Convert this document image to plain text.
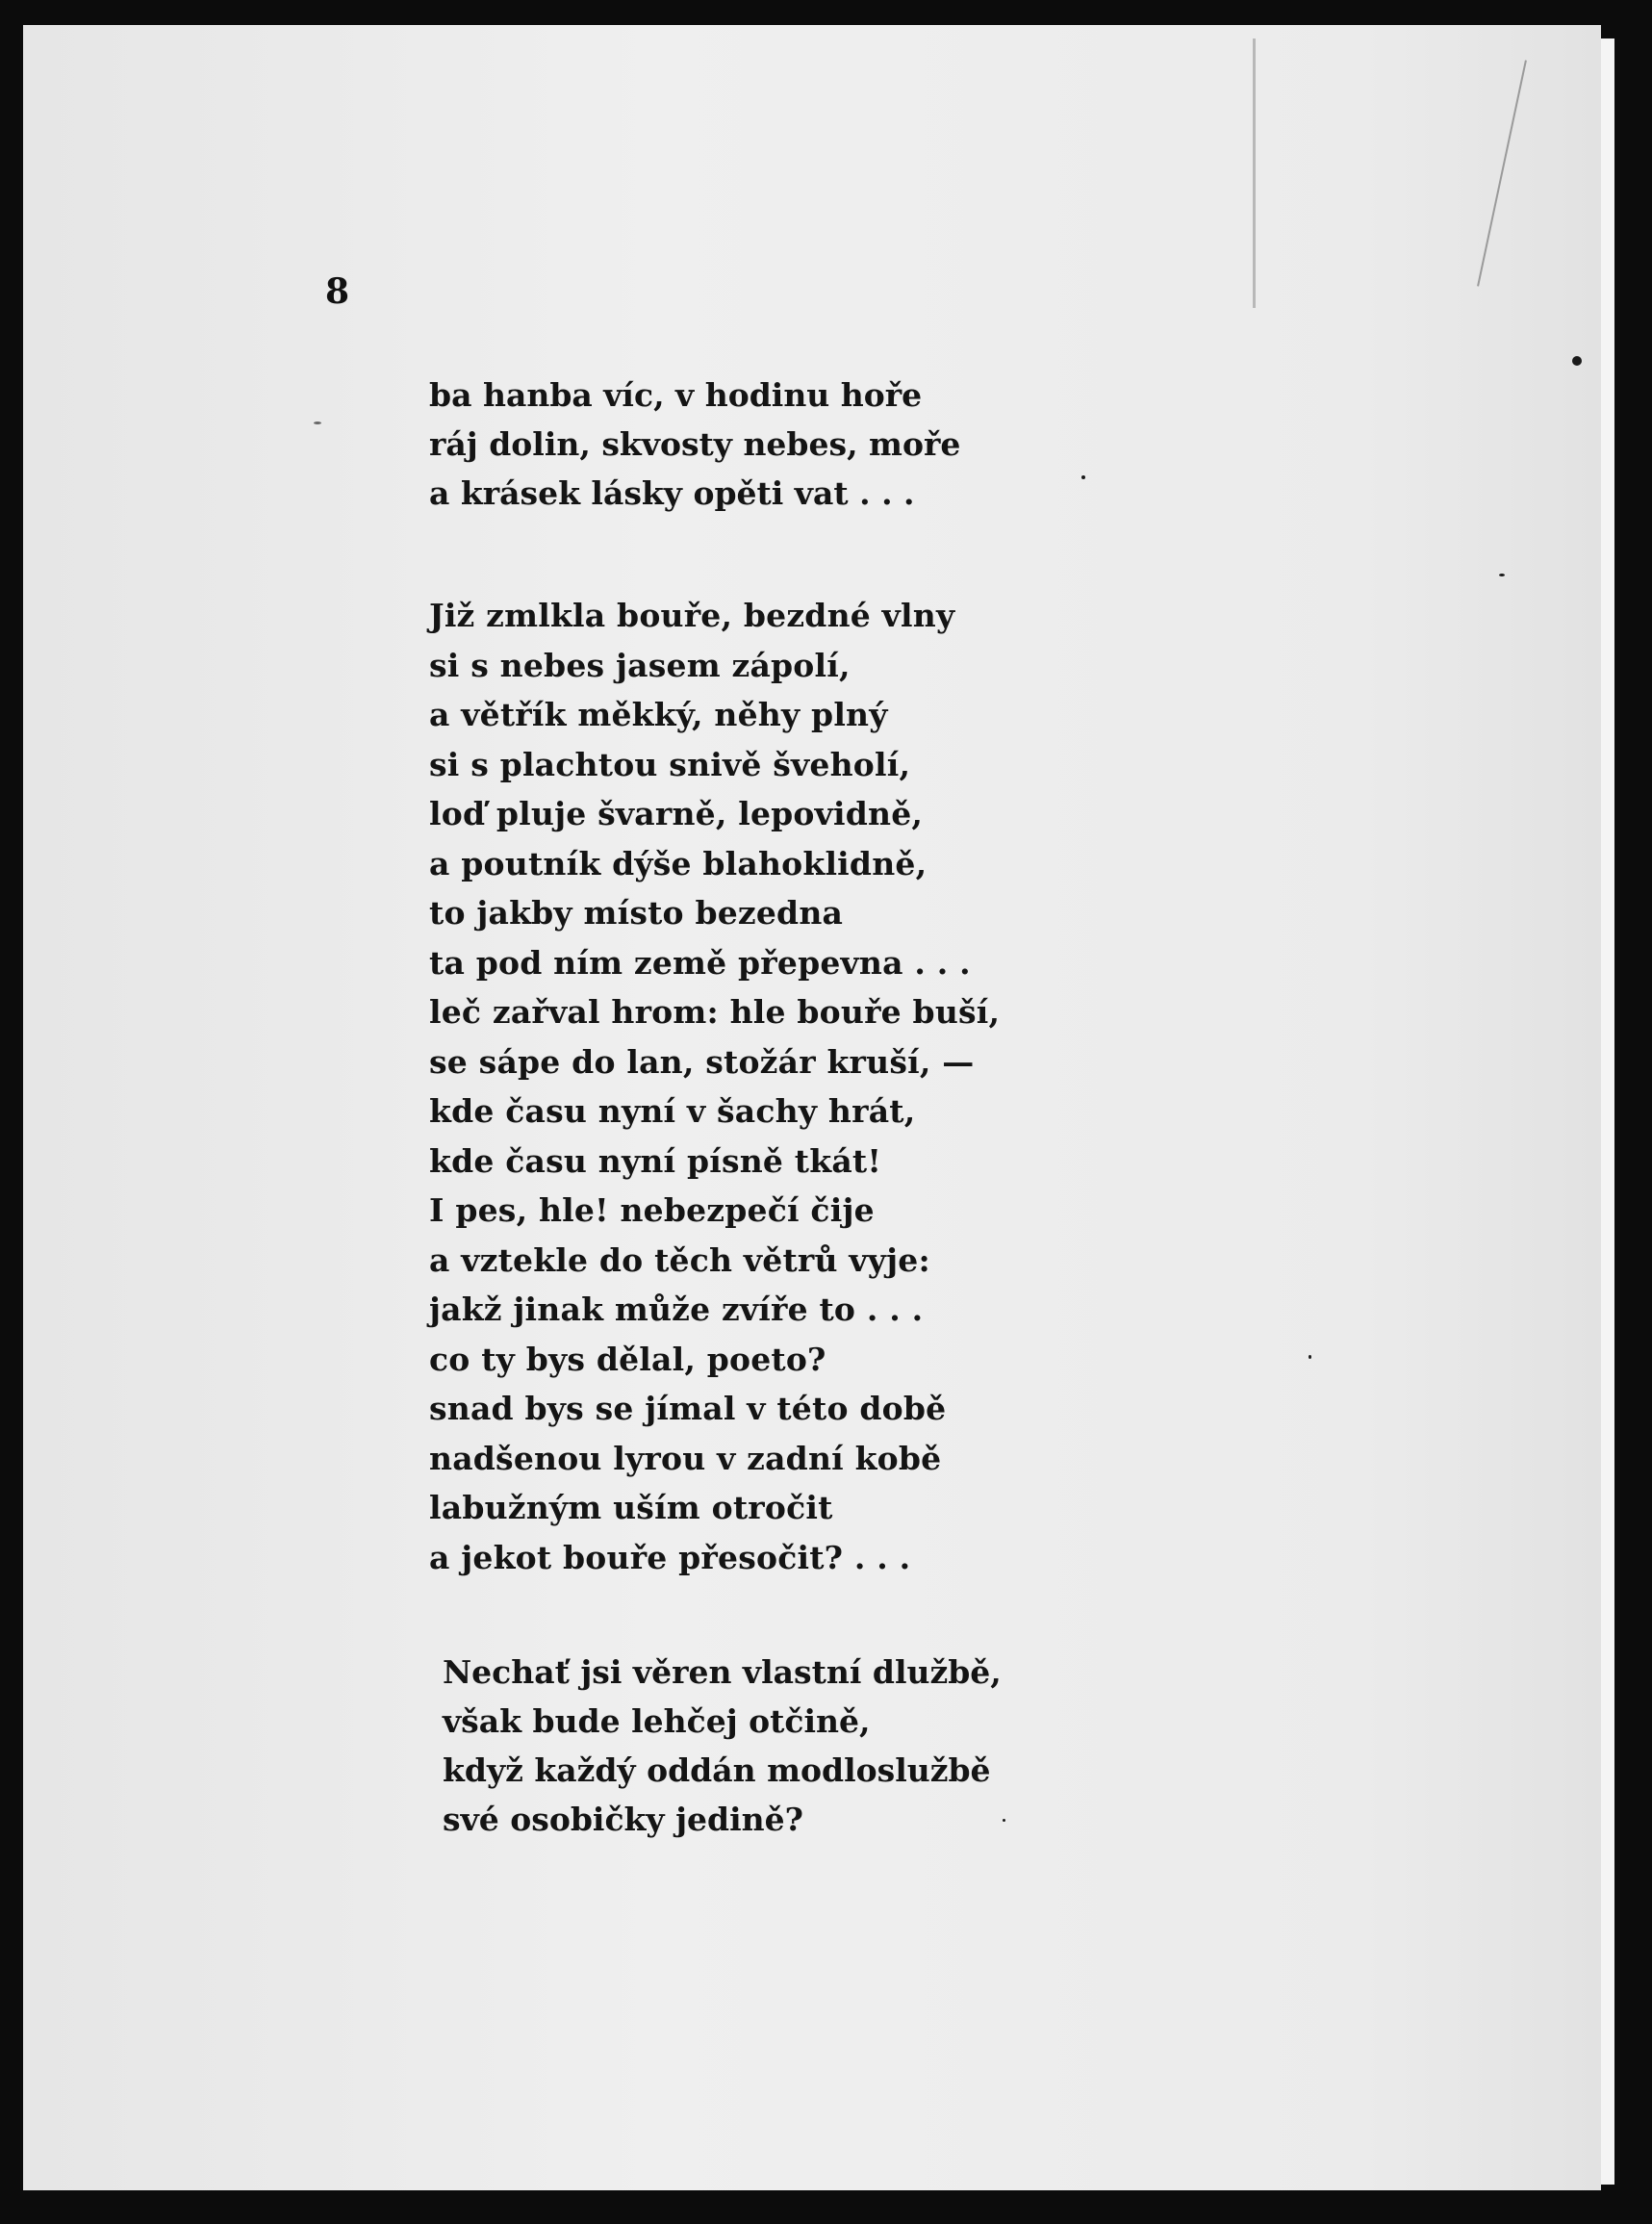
8

ba hanba víc, v hodinu hoře
ráj dolin, skvosty nebes, moře
a krásek lásky opěti vat . . .
Již zmlkla bouře, bezdné vlny
si s nebes jasem zápolí,
a větřík měkký, něhy plný
si s plachtou snivě šveholí,
loď pluje švarně, lepovidně,
a poutník dýše blahoklidně,
to jakby místo bezedna
ta pod ním země přepevna . . .
leč zařval hrom: hle bouře buší,
se sápe do lan, stožár kruší, —
kde času nyní v šachy hrát,
kde času nyní písně tkát!
I pes, hle! nebezpečí čije
a vztekle do těch větrů vyje:
jakž jinak může zvíře to . . .
co ty bys dělal, poeto?
snad bys se jímal v této době
nadšenou lyrou v zadní kobě
labužným uším otročit
a jekot bouře přesočit? . . .
Nechať jsi věren vlastní dlužbě,
však bude lehčej otčině,
když každý oddán modloslužbě
své osobičky jedině?
